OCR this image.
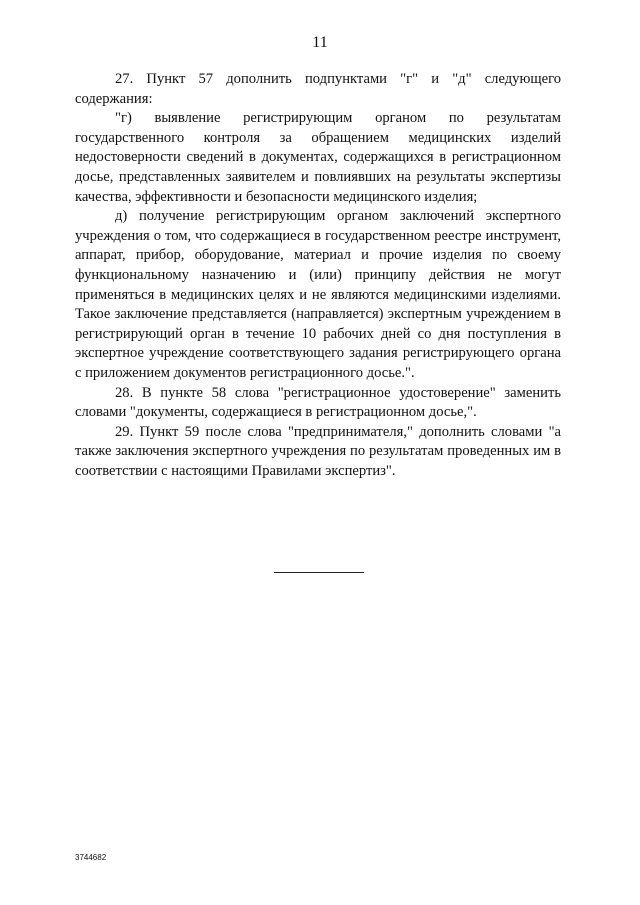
11

27. Пункт 57 дополнить подпунктами "г" и "д" следующего содержания:

"г) выявление регистрирующим органом по результатам государственного контроля за обращением медицинских изделий недостоверности сведений в документах, содержащихся в регистрационном досье, представленных заявителем и повлиявших на результаты экспертизы качества, эффективности и безопасности медицинского изделия;

д) получение регистрирующим органом заключений экспертного учреждения о том, что содержащиеся в государственном реестре инструмент, аппарат, прибор, оборудование, материал и прочие изделия по своему функциональному назначению и (или) принципу действия не могут применяться в медицинских целях и не являются медицинскими изделиями. Такое заключение представляется (направляется) экспертным учреждением в регистрирующий орган в течение 10 рабочих дней со дня поступления в экспертное учреждение соответствующего задания регистрирующего органа с приложением документов регистрационного досье.".

28. В пункте 58 слова "регистрационное удостоверение" заменить словами "документы, содержащиеся в регистрационном досье,".

29. Пункт 59 после слова "предпринимателя," дополнить словами "а также заключения экспертного учреждения по результатам проведенных им в соответствии с настоящими Правилами экспертиз".

3744682
